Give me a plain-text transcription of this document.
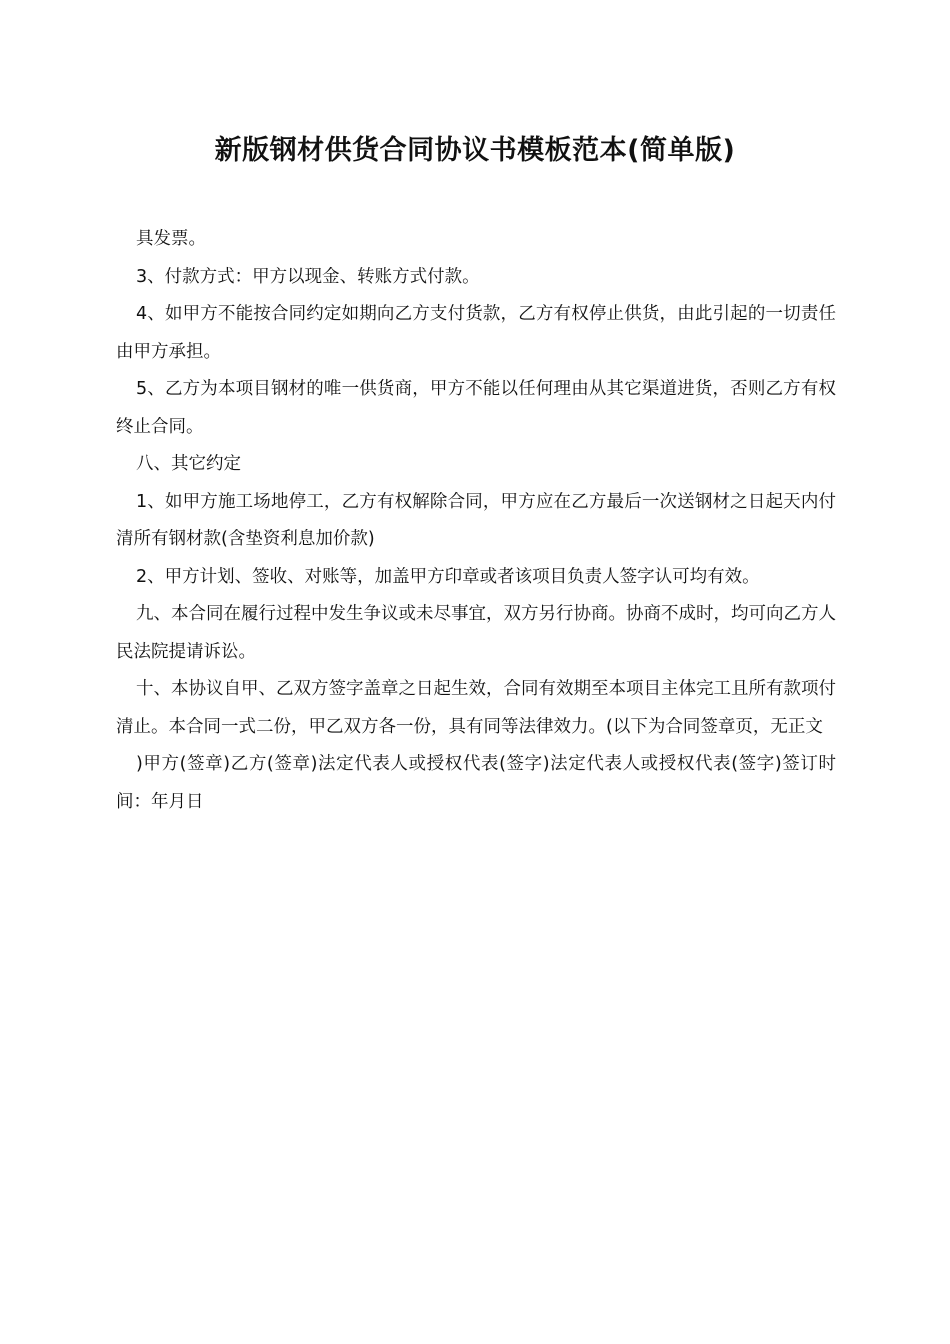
新版钢材供货合同协议书模板范本(简单版)

具发票。

3、付款方式：甲方以现金、转账方式付款。

4、如甲方不能按合同约定如期向乙方支付货款，乙方有权停止供货，由此引起的一切责任由甲方承担。

5、乙方为本项目钢材的唯一供货商，甲方不能以任何理由从其它渠道进货，否则乙方有权终止合同。

八、其它约定

1、如甲方施工场地停工，乙方有权解除合同，甲方应在乙方最后一次送钢材之日起天内付清所有钢材款(含垫资利息加价款)

2、甲方计划、签收、对账等，加盖甲方印章或者该项目负责人签字认可均有效。

九、本合同在履行过程中发生争议或未尽事宜，双方另行协商。协商不成时，均可向乙方人民法院提请诉讼。

十、本协议自甲、乙双方签字盖章之日起生效，合同有效期至本项目主体完工且所有款项付清止。本合同一式二份，甲乙双方各一份，具有同等法律效力。(以下为合同签章页，无正文

)甲方(签章)乙方(签章)法定代表人或授权代表(签字)法定代表人或授权代表(签字)签订时间：年月日
